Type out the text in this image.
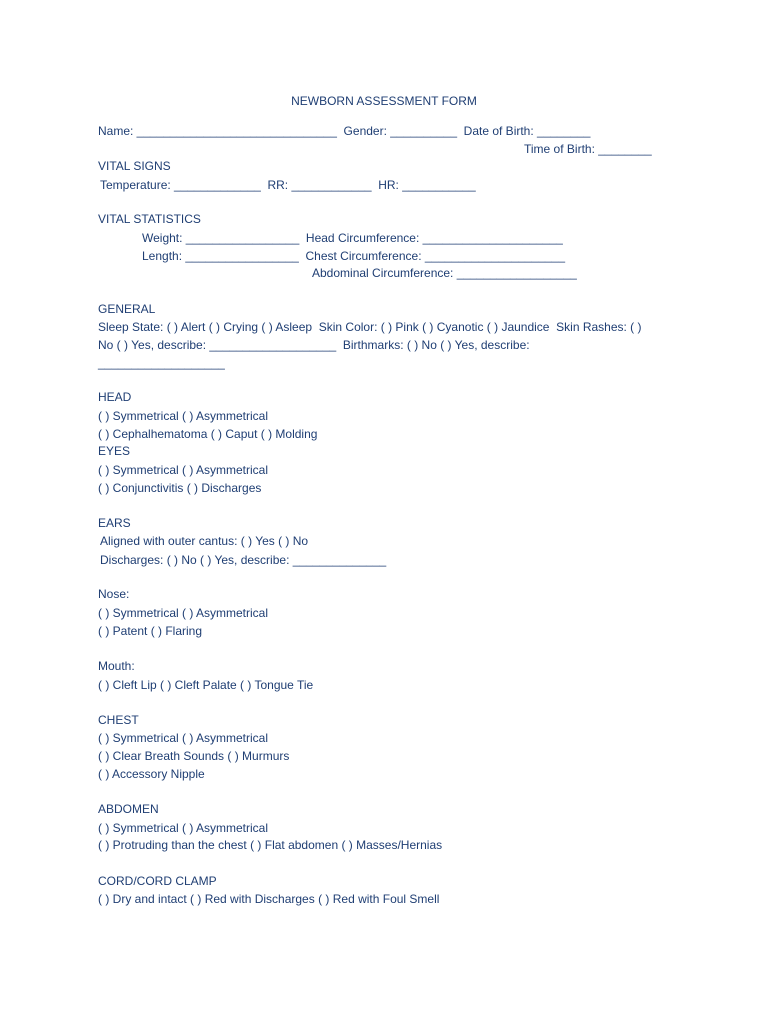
NEWBORN ASSESSMENT FORM
Name: ______________________________  Gender: __________  Date of Birth: ________
Time of Birth: ________
VITAL SIGNS
Temperature: _____________  RR: ____________  HR: ___________
VITAL STATISTICS
Weight: _________________  Head Circumference: _____________________
Length: _________________  Chest Circumference: _____________________
Abdominal Circumference: __________________
GENERAL
Sleep State: ( ) Alert ( ) Crying ( ) Asleep  Skin Color: ( ) Pink ( ) Cyanotic ( ) Jaundice  Skin Rashes: ( )
No ( ) Yes, describe: ___________________  Birthmarks: ( ) No ( ) Yes, describe:
___________________
HEAD
( ) Symmetrical ( ) Asymmetrical
( ) Cephalhematoma ( ) Caput ( ) Molding
EYES
( ) Symmetrical ( ) Asymmetrical
( ) Conjunctivitis ( ) Discharges
EARS
Aligned with outer cantus: ( ) Yes ( ) No
Discharges: ( ) No ( ) Yes, describe: ______________
Nose:
( ) Symmetrical ( ) Asymmetrical
( ) Patent ( ) Flaring
Mouth:
( ) Cleft Lip ( ) Cleft Palate ( ) Tongue Tie
CHEST
( ) Symmetrical ( ) Asymmetrical
( ) Clear Breath Sounds ( ) Murmurs
( ) Accessory Nipple
ABDOMEN
( ) Symmetrical ( ) Asymmetrical
( ) Protruding than the chest ( ) Flat abdomen ( ) Masses/Hernias
CORD/CORD CLAMP
( ) Dry and intact ( ) Red with Discharges ( ) Red with Foul Smell
